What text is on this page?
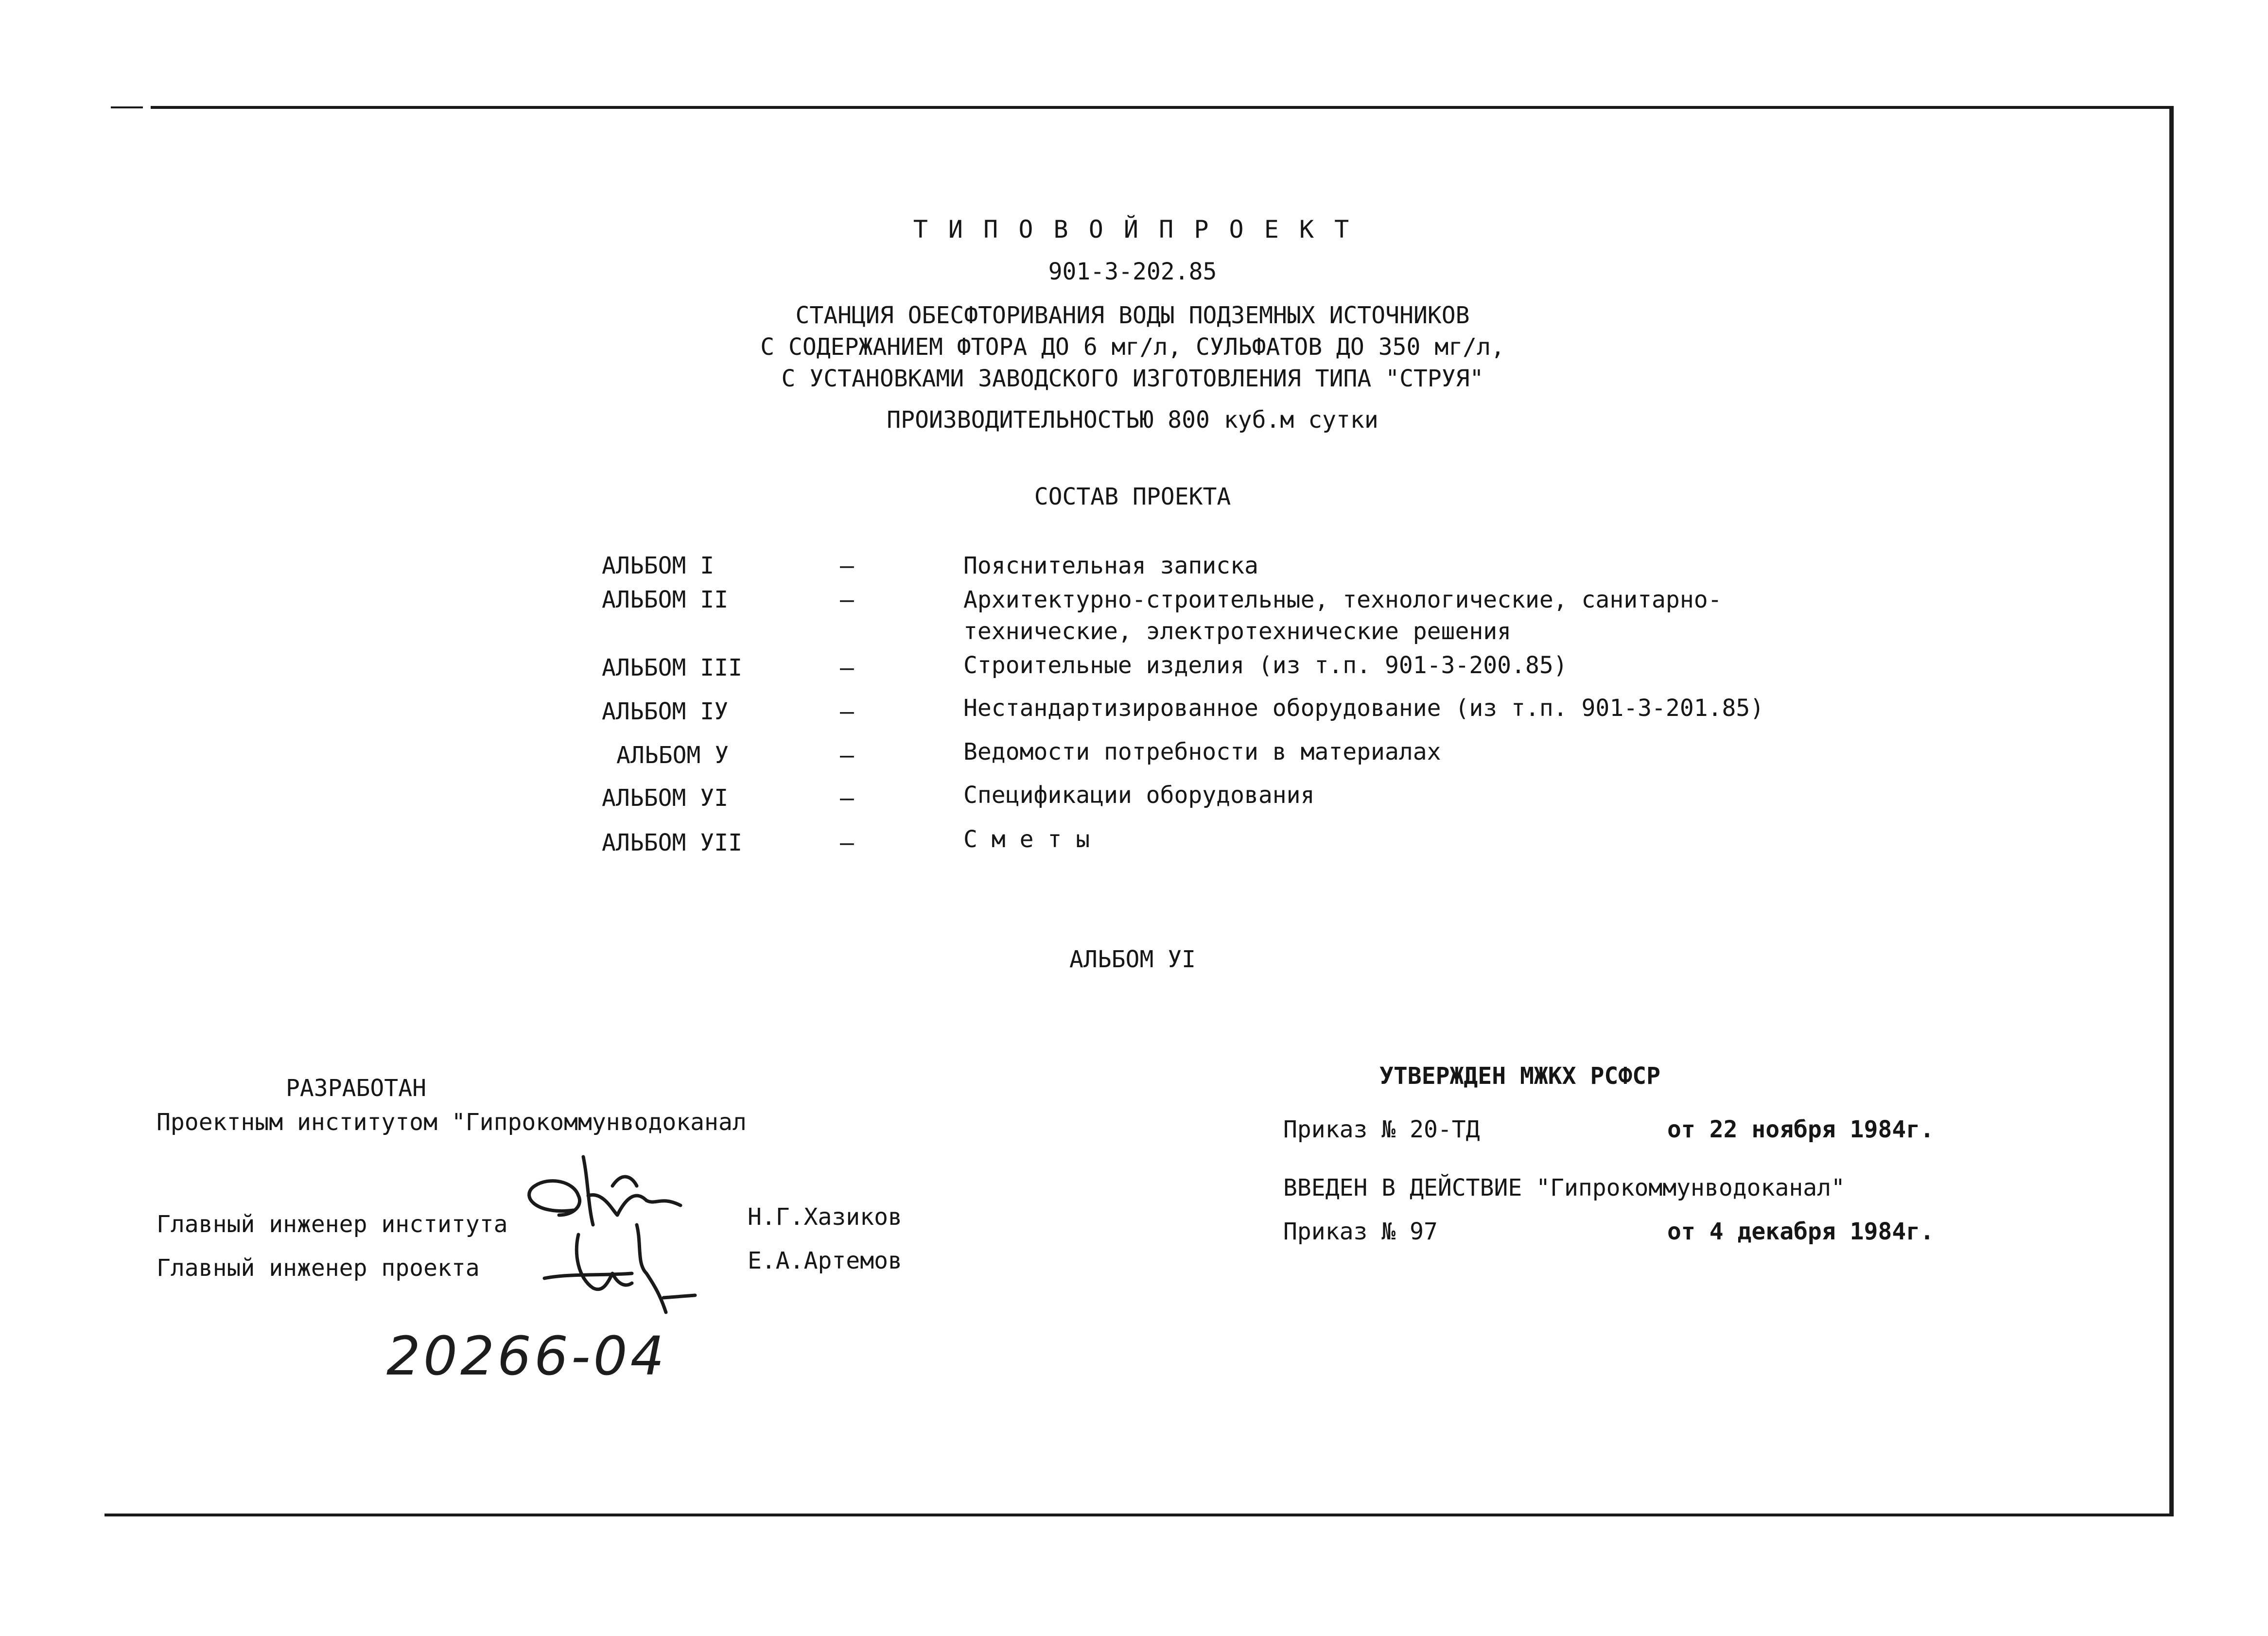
Т И П О В О Й П Р О Е К Т
901-3-202.85
СТАНЦИЯ ОБЕСФТОРИВАНИЯ ВОДЫ ПОДЗЕМНЫХ ИСТОЧНИКОВ
С СОДЕРЖАНИЕМ ФТОРА ДО 6 мг/л, СУЛЬФАТОВ ДО 350 мг/л,
С УСТАНОВКАМИ ЗАВОДСКОГО ИЗГОТОВЛЕНИЯ ТИПА "СТРУЯ"
ПРОИЗВОДИТЕЛЬНОСТЬЮ 800 куб.м сутки
СОСТАВ ПРОЕКТА
АЛЬБОМ I	–	Пояснительная записка
АЛЬБОМ II	–	Архитектурно-строительные, технологические, санитарно-
технические, электротехнические решения
АЛЬБОМ III	–	Строительные изделия (из т.п. 901-3-200.85)
АЛЬБОМ IУ	–	Нестандартизированное оборудование (из т.п. 901-3-201.85)
АЛЬБОМ У	–	Ведомости потребности в материалах
АЛЬБОМ УI	–	Спецификации оборудования
АЛЬБОМ УII	–	С м е т ы
АЛЬБОМ УI
РАЗРАБОТАН
Проектным институтом "Гипрокоммунводоканал
Главный инженер института	Н.Г.Хазиков
Главный инженер проекта	Е.А.Артемов
УТВЕРЖДЕН МЖКХ РСФСР
Приказ № 20-ТД	от 22 ноября 1984г.
ВВЕДЕН В ДЕЙСТВИЕ "Гипрокоммунводоканал"
Приказ № 97	от 4 декабря 1984г.
20266-04
